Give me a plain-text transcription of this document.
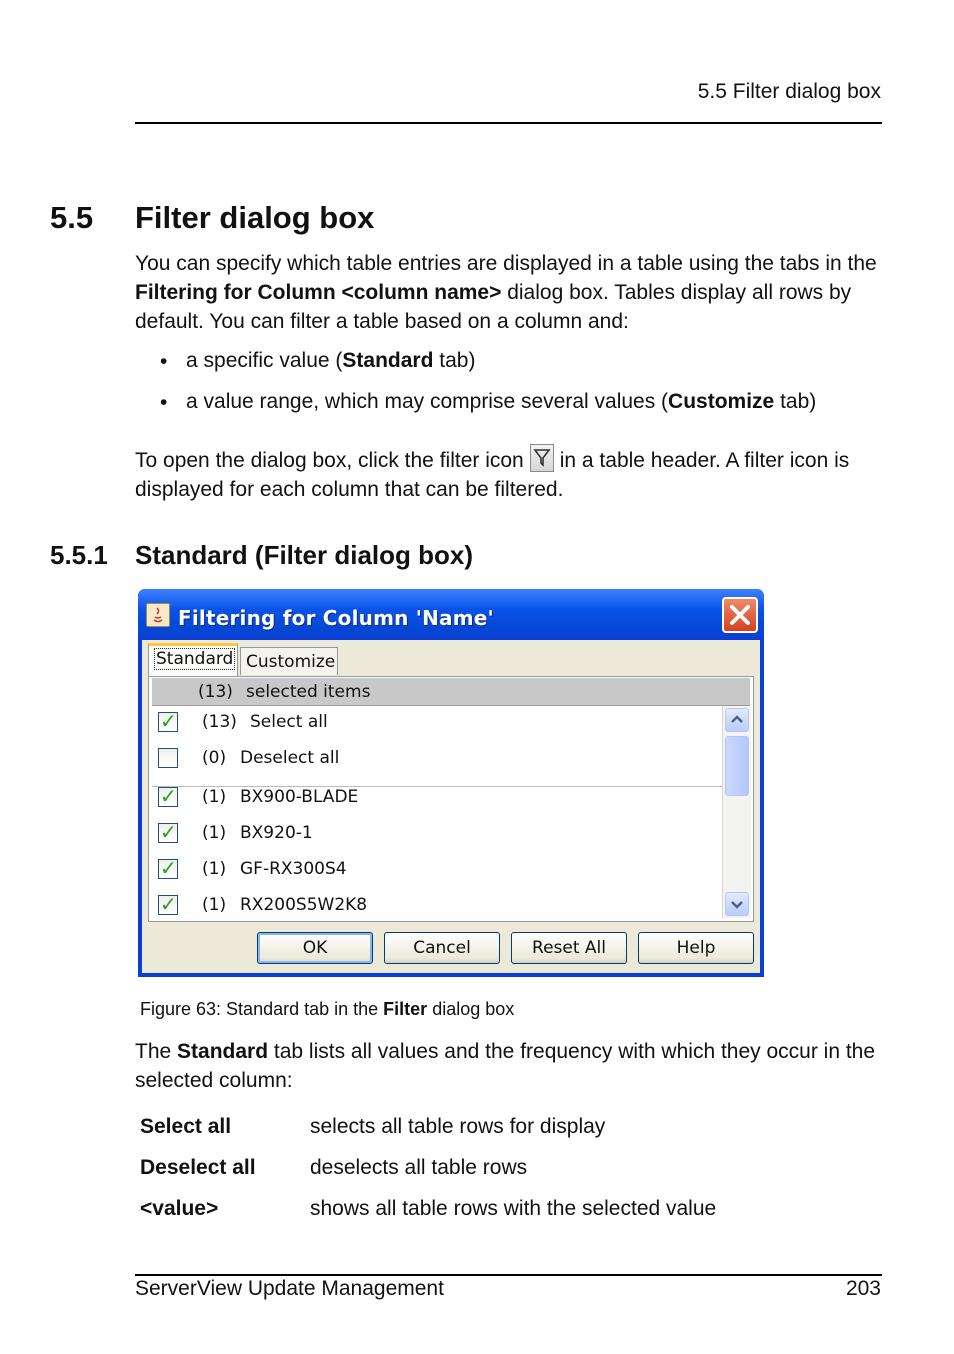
5.5 Filter dialog box
5.5 Filter dialog box
You can specify which table entries are displayed in a table using the tabs in the Filtering for Column <column name> dialog box. Tables display all rows by default. You can filter a table based on a column and:
• a specific value (Standard tab)
• a value range, which may comprise several values (Customize tab)
To open the dialog box, click the filter icon in a table header. A filter icon is displayed for each column that can be filtered.
5.5.1 Standard (Filter dialog box)
Filtering for Column 'Name'
Standard Customize
(13) selected items
✓ (13) Select all
(0) Deselect all
✓ (1) BX900-BLADE
✓ (1) BX920-1
✓ (1) GF-RX300S4
✓ (1) RX200S5W2K8
OK	Cancel	Reset All	Help
Figure 63: Standard tab in the Filter dialog box
The Standard tab lists all values and the frequency with which they occur in the selected column:
Select all	selects all table rows for display
Deselect all	deselects all table rows
<value>	shows all table rows with the selected value
ServerView Update Management	203
